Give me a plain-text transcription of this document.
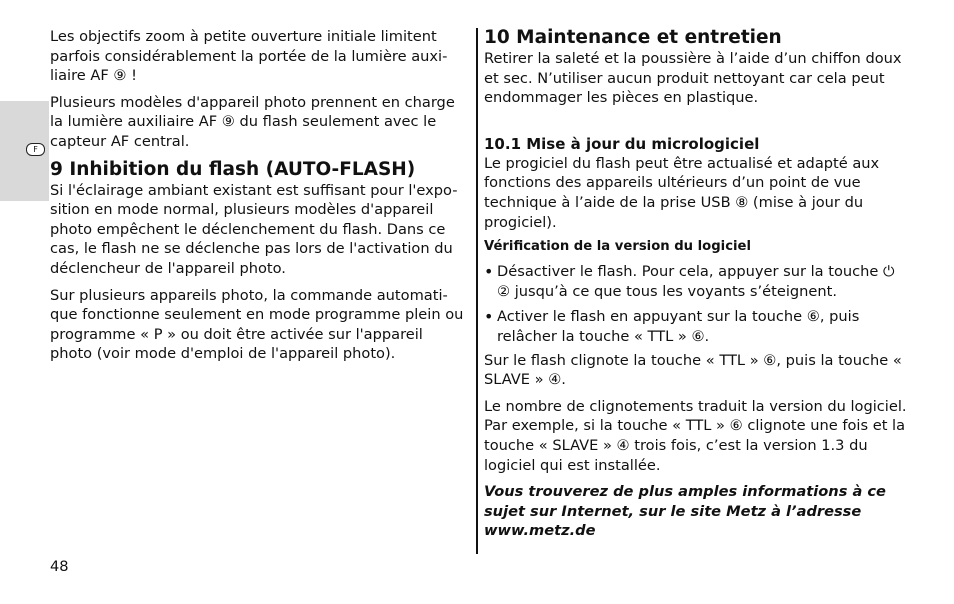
F

Les objectifs zoom à petite ouverture initiale limitent parfois considérablement la portée de la lumière auxi-liaire AF ⑨ !

Plusieurs modèles d'appareil photo prennent en charge la lumière auxiliaire AF ⑨ du flash seulement avec le capteur AF central.

9 Inhibition du flash (AUTO-FLASH)

Si l'éclairage ambiant existant est suffisant pour l'expo-sition en mode normal, plusieurs modèles d'appareil photo empêchent le déclenchement du flash. Dans ce cas, le flash ne se déclenche pas lors de l'activation du déclencheur de l'appareil photo.

Sur plusieurs appareils photo, la commande automati-que fonctionne seulement en mode programme plein ou programme « P » ou doit être activée sur l'appareil photo (voir mode d'emploi de l'appareil photo).

10 Maintenance et entretien

Retirer la saleté et la poussière à l’aide d’un chiffon doux et sec. N’utiliser aucun produit nettoyant car cela peut endommager les pièces en plastique.

10.1 Mise à jour du micrologiciel

Le progiciel du flash peut être actualisé et adapté aux fonctions des appareils ultérieurs d’un point de vue technique à l’aide de la prise USB ⑧ (mise à jour du progiciel).

Vérification de la version du logiciel
• Désactiver le flash. Pour cela, appuyer sur la touche ⏻ ② jusqu’à ce que tous les voyants s’éteignent.

• Activer le flash en appuyant sur la touche ⑥, puis relâcher la touche « TTL » ⑥.

Sur le flash clignote la touche « TTL » ⑥, puis la touche « SLAVE » ④.

Le nombre de clignotements traduit la version du logiciel. Par exemple, si la touche « TTL » ⑥ clignote une fois et la touche « SLAVE » ④ trois fois, c’est la version 1.3 du logiciel qui est installée.

Vous trouverez de plus amples informations à ce sujet sur Internet, sur le site Metz à l’adresse www.metz.de

48
